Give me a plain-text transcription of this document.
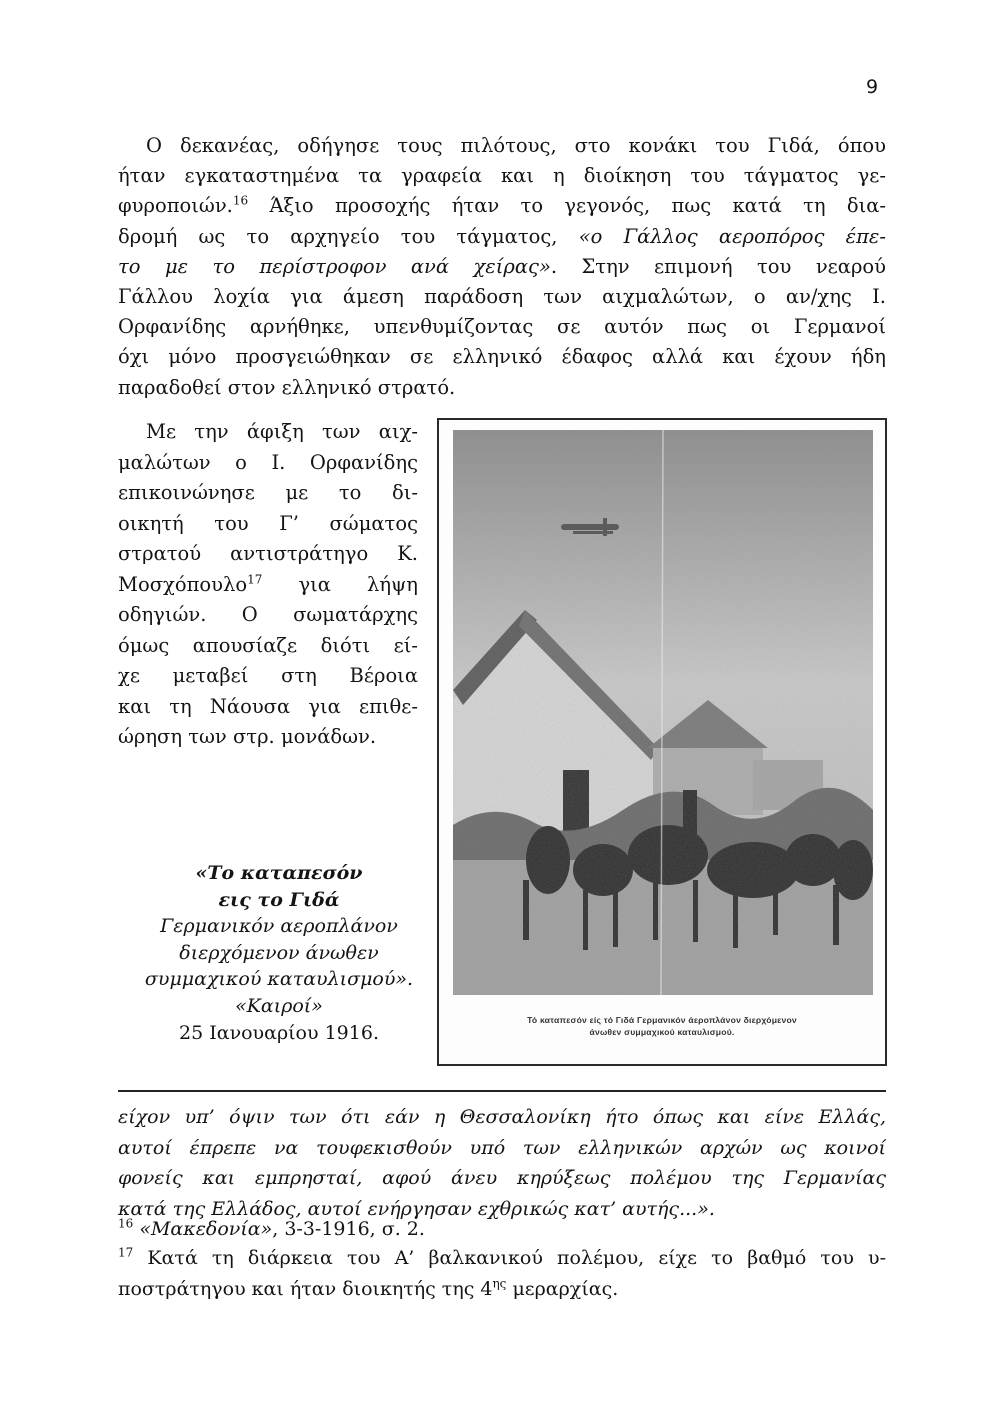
9
Ο δεκανέας, οδήγησε τους πιλότους, στο κονάκι του Γιδά, όπου
ήταν εγκαταστημένα τα γραφεία και η διοίκηση του τάγματος γε-
φυροποιών.$^{16}$ Άξιο προσοχής ήταν το γεγονός, πως κατά τη δια-
δρομή ως το αρχηγείο του τάγματος, «ο Γάλλος αεροπόρος έπε-
το με το περίστροφον ανά χείρας». Στην επιμονή του νεαρού
Γάλλου λοχία για άμεση παράδοση των αιχμαλώτων, ο αν/χης Ι.
Ορφανίδης αρνήθηκε, υπενθυμίζοντας σε αυτόν πως οι Γερμανοί
όχι μόνο προσγειώθηκαν σε ελληνικό έδαφος αλλά και έχουν ήδη
παραδοθεί στον ελληνικό στρατό.
Με την άφιξη των αιχ-
μαλώτων ο Ι. Ορφανίδης
επικοινώνησε με το δι-
οικητή του Γ’ σώματος
στρατού αντιστράτηγο Κ.
Μοσχόπουλο$^{17}$ για λήψη
οδηγιών. Ο σωματάρχης
όμως απουσίαζε διότι εί-
χε μεταβεί στη Βέροια
και τη Νάουσα για επιθε-
ώρηση των στρ. μονάδων.
«Το καταπεσόν
εις το Γιδά
Γερμανικόν αεροπλάνον
διερχόμενον άνωθεν
συμμαχικού καταυλισμού».
«Καιροί»
25 Ιανουαρίου 1916.
Τό καταπεσόν είς τό Γιδά Γερμανικόν άεροπλάνον διερχόμενον
άνωθεν συμμαχικού καταυλισμού.
είχον υπ’ όψιν των ότι εάν η Θεσσαλονίκη ήτο όπως και είνε Ελλάς,
αυτοί έπρεπε να τουφεκισθούν υπό των ελληνικών αρχών ως κοινοί
φονείς και εμπρησταί, αφού άνευ κηρύξεως πολέμου της Γερμανίας
κατά της Ελλάδος, αυτοί ενήργησαν εχθρικώς κατ’ αυτής...».
$^{16}$ «Μακεδονία», 3-3-1916, σ. 2.
$^{17}$ Κατά τη διάρκεια του Α’ βαλκανικού πολέμου, είχε το βαθμό του υ-
ποστράτηγου και ήταν διοικητής της $4^{\eta\varsigma}$ μεραρχίας.
